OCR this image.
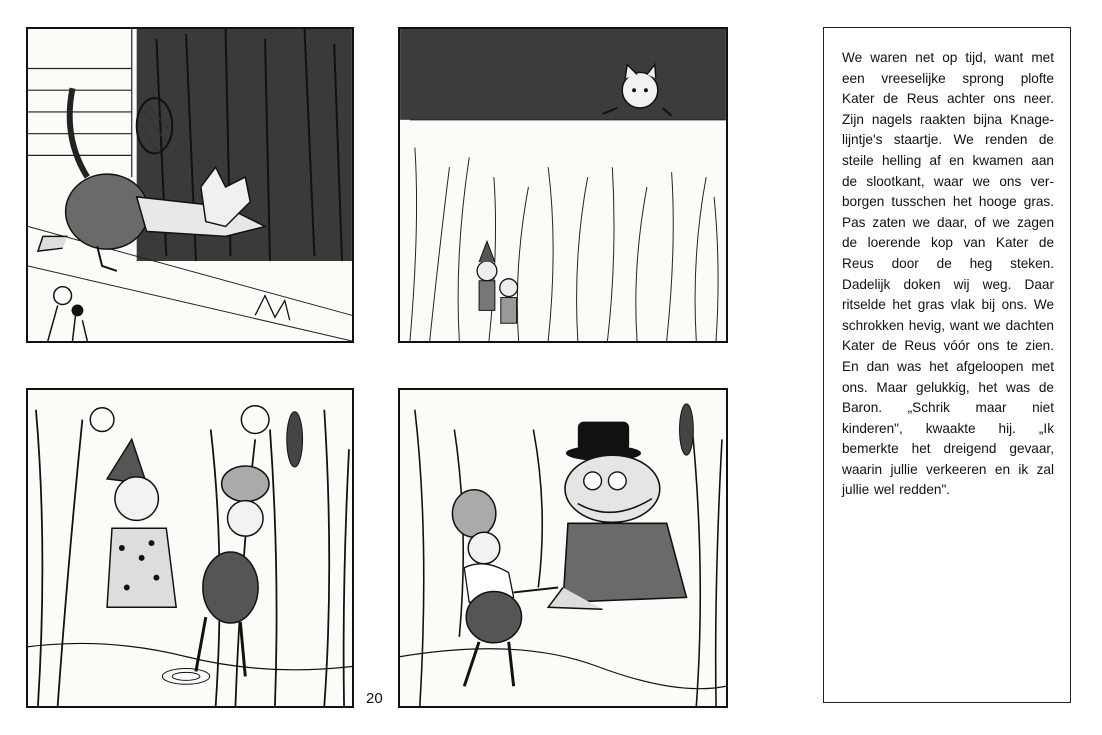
20

We waren net op tijd, want met een vreeselijke sprong plofte Kater de Reus achter ons neer. Zijn nagels raakten bijna Knagelijntje's staartje. We renden de steile helling af en kwamen aan de slootkant, waar we ons verborgen tusschen het hooge gras. Pas zaten we daar, of we zagen de loerende kop van Kater de Reus door de heg steken. Dadelijk doken wij weg. Daar ritselde het gras vlak bij ons. We schrokken hevig, want we dachten Kater de Reus vóór ons te zien. En dan was het afgeloopen met ons. Maar gelukkig, het was de Baron. „Schrik maar niet kinderen", kwaakte hij. „Ik bemerkte het dreigend gevaar, waarin jullie verkeeren en ik zal jullie wel redden".
